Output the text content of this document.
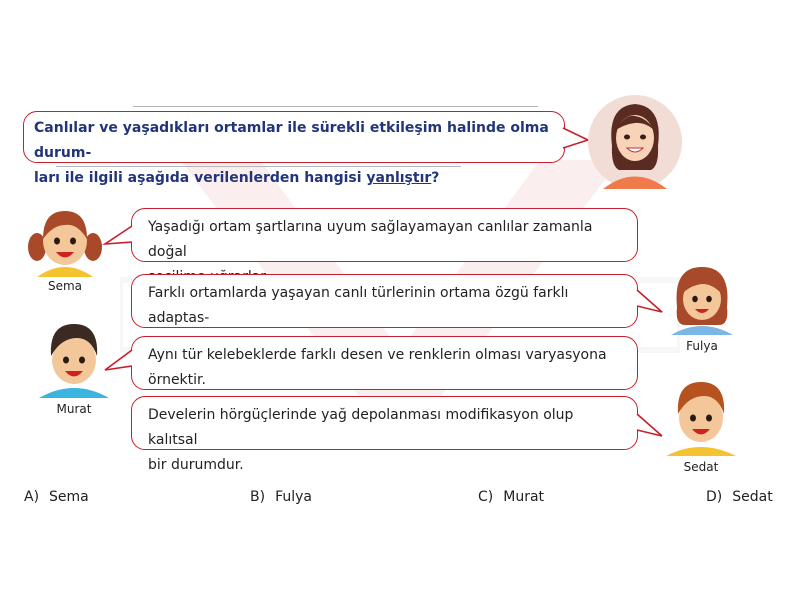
Canlılar ve yaşadıkları ortamlar ile sürekli etkileşim halinde olma durum-
ları ile ilgili aşağıda verilenlerden hangisi yanlıştır?
Sema
Yaşadığı ortam şartlarına uyum sağlayamayan canlılar zamanla doğal
Farklı ortamlarda yaşayan canlı türlerinin ortama özgü farklı adaptas-
Fulya
Murat
Aynı tür kelebeklerde farklı desen ve renklerin olması varyasyona
örnektir.
Develerin hörgüçlerinde yağ depolanması modifikasyon olup kalıtsal
bir durumdur.	Sedat
A) Sema	B) Fulya	C) Murat	D) Sedat
